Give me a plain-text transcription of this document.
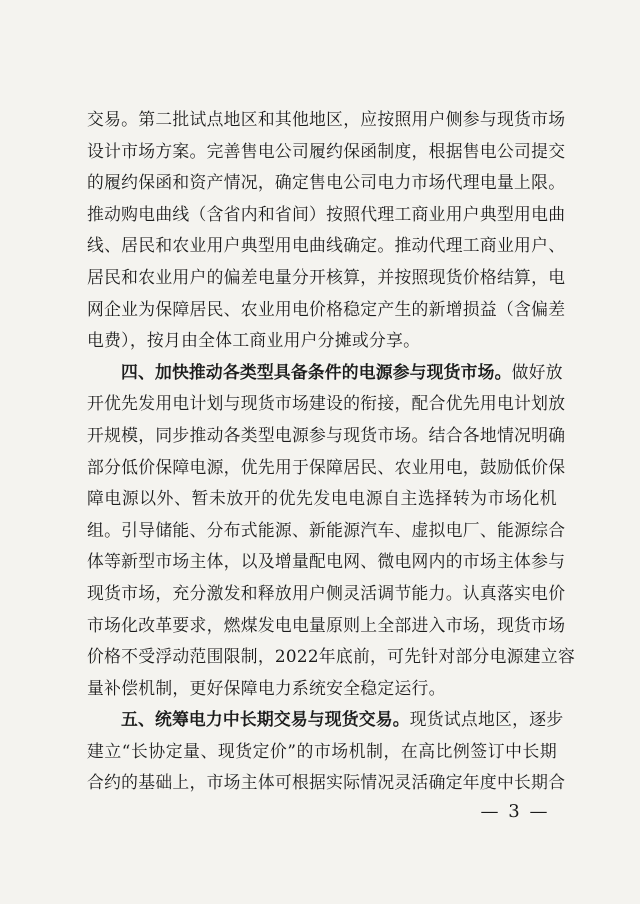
交易。第二批试点地区和其他地区，应按照用户侧参与现货市场
设计市场方案。完善售电公司履约保函制度，根据售电公司提交
的履约保函和资产情况，确定售电公司电力市场代理电量上限。
推动购电曲线（含省内和省间）按照代理工商业用户典型用电曲
线、居民和农业用户典型用电曲线确定。推动代理工商业用户、
居民和农业用户的偏差电量分开核算，并按照现货价格结算，电
网企业为保障居民、农业用电价格稳定产生的新增损益（含偏差
电费），按月由全体工商业用户分摊或分享。
四、加快推动各类型具备条件的电源参与现货市场。做好放
开优先发用电计划与现货市场建设的衔接，配合优先用电计划放
开规模，同步推动各类型电源参与现货市场。结合各地情况明确
部分低价保障电源，优先用于保障居民、农业用电，鼓励低价保
障电源以外、暂未放开的优先发电电源自主选择转为市场化机
组。引导储能、分布式能源、新能源汽车、虚拟电厂、能源综合
体等新型市场主体，以及增量配电网、微电网内的市场主体参与
现货市场，充分激发和释放用户侧灵活调节能力。认真落实电价
市场化改革要求，燃煤发电电量原则上全部进入市场，现货市场
价格不受浮动范围限制，2022年底前，可先针对部分电源建立容
量补偿机制，更好保障电力系统安全稳定运行。
五、统筹电力中长期交易与现货交易。现货试点地区，逐步
建立“长协定量、现货定价”的市场机制，在高比例签订中长期
合约的基础上，市场主体可根据实际情况灵活确定年度中长期合
— 3 —
